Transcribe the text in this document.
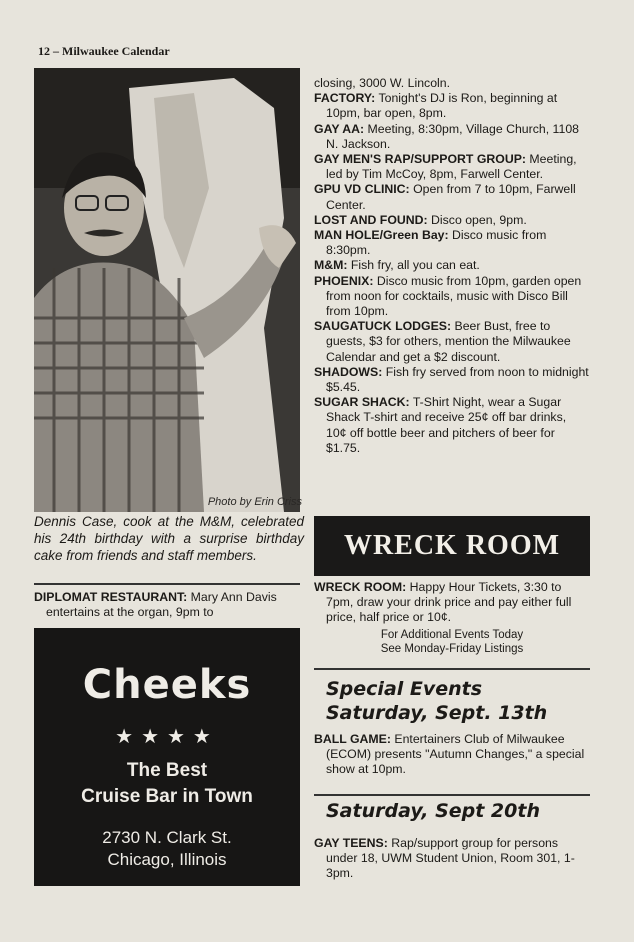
12 – Milwaukee Calendar
Photo by Erin Criss
Dennis Case, cook at the M&M, celebrated his 24th birthday with a surprise birthday cake from friends and staff members.

DIPLOMAT RESTAURANT: Mary Ann Davis entertains at the organ, 9pm to

Cheeks
★★★★
The Best
Cruise Bar in Town
2730 N. Clark St.
Chicago, Illinois

closing, 3000 W. Lincoln.

FACTORY: Tonight's DJ is Ron, beginning at 10pm, bar open, 8pm.

GAY AA: Meeting, 8:30pm, Village Church, 1108 N. Jackson.

GAY MEN'S RAP/SUPPORT GROUP: Meeting, led by Tim McCoy, 8pm, Farwell Center.

GPU VD CLINIC: Open from 7 to 10pm, Farwell Center.

LOST AND FOUND: Disco open, 9pm.

MAN HOLE/Green Bay: Disco music from 8:30pm.

M&M: Fish fry, all you can eat.

PHOENIX: Disco music from 10pm, garden open from noon for cocktails, music with Disco Bill from 10pm.

SAUGATUCK LODGES: Beer Bust, free to guests, $3 for others, mention the Milwaukee Calendar and get a $2 discount.

SHADOWS: Fish fry served from noon to midnight $5.45.

SUGAR SHACK: T-Shirt Night, wear a Sugar Shack T-shirt and receive 25¢ off bar drinks, 10¢ off bottle beer and pitchers of beer for $1.75.

WRECK ROOM

WRECK ROOM: Happy Hour Tickets, 3:30 to 7pm, draw your drink price and pay either full price, half price or 10¢.

For Additional Events Today

See Monday-Friday Listings

Special Events
Saturday, Sept. 13th

BALL GAME: Entertainers Club of Milwaukee (ECOM) presents "Autumn Changes," a special show at 10pm.

Saturday, Sept 20th

GAY TEENS: Rap/support group for persons under 18, UWM Student Union, Room 301, 1-3pm.
